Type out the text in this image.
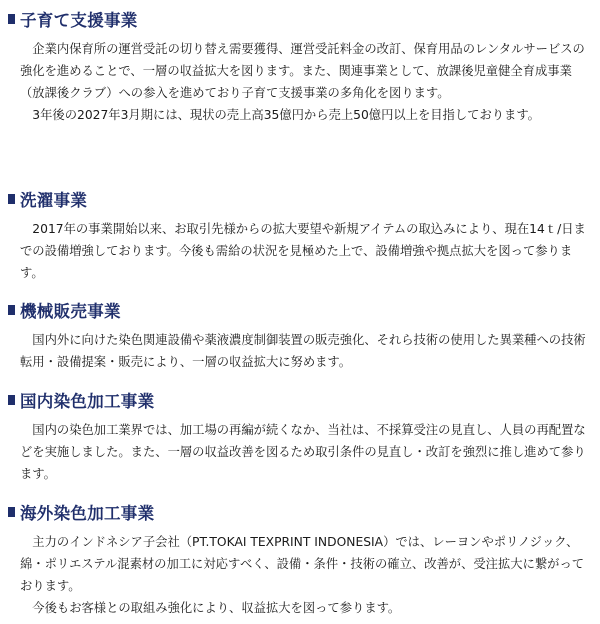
子育て支援事業

企業内保育所の運営受託の切り替え需要獲得、運営受託料金の改訂、保育用品のレンタルサービスの強化を進めることで、一層の収益拡大を図ります。また、関連事業として、放課後児童健全育成事業（放課後クラブ）への参入を進めており子育て支援事業の多角化を図ります。

3年後の2027年3月期には、現状の売上高35億円から売上50億円以上を目指しております。

洗濯事業

2017年の事業開始以来、お取引先様からの拡大要望や新規アイテムの取込みにより、現在14ｔ/日までの設備増強しております。今後も需給の状況を見極めた上で、設備増強や拠点拡大を図って参ります。

機械販売事業

国内外に向けた染色関連設備や薬液濃度制御装置の販売強化、それら技術の使用した異業種への技術転用・設備提案・販売により、一層の収益拡大に努めます。

国内染色加工事業

国内の染色加工業界では、加工場の再編が続くなか、当社は、不採算受注の見直し、人員の再配置などを実施しました。また、一層の収益改善を図るため取引条件の見直し・改訂を強烈に推し進めて参ります。

海外染色加工事業

主力のインドネシア子会社（PT.TOKAI TEXPRINT INDONESIA）では、レーヨンやポリノジック、綿・ポリエステル混素材の加工に対応すべく、設備・条件・技術の確立、改善が、受注拡大に繋がっております。

今後もお客様との取組み強化により、収益拡大を図って参ります。
